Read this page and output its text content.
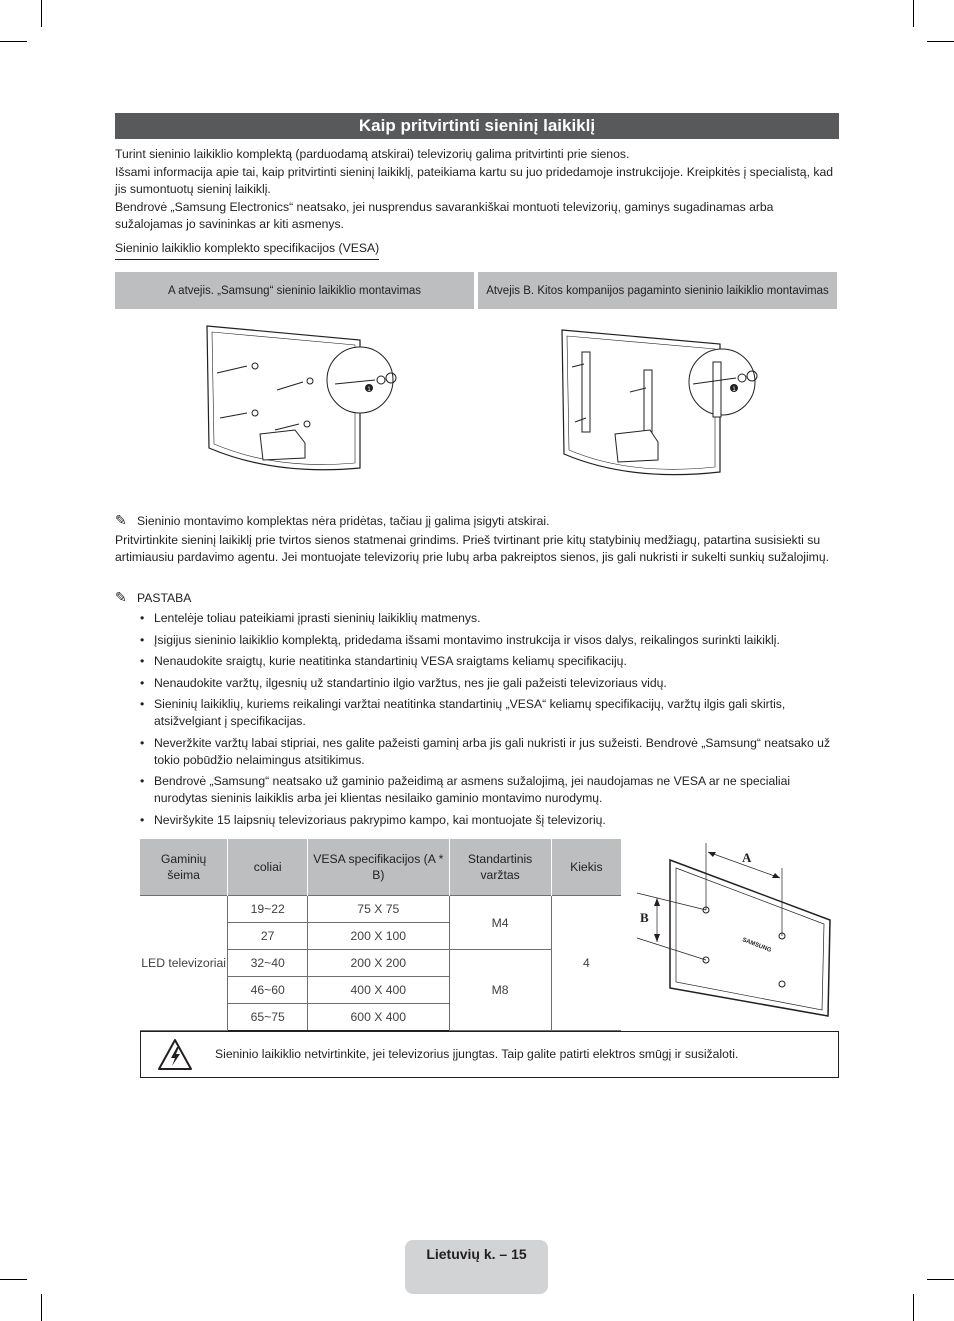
Kaip pritvirtinti sieninį laikiklį

Turint sieninio laikiklio komplektą (parduodamą atskirai) televizorių galima pritvirtinti prie sienos.

Išsami informacija apie tai, kaip pritvirtinti sieninį laikiklį, pateikiama kartu su juo pridedamoje instrukcijoje. Kreipkitės į specialistą, kad jis sumontuotų sieninį laikiklį.

Bendrovė „Samsung Electronics“ neatsako, jei nusprendus savarankiškai montuoti televizorių, gaminys sugadinamas arba sužalojamas jo savininkas ar kiti asmenys.

Sieninio laikiklio komplekto specifikacijos (VESA)
A atvejis. „Samsung“ sieninio laikiklio montavimas	Atvejis B. Kitos kompanijos pagaminto sieninio laikiklio montavimas
1	1
✎ Sieninio montavimo komplektas nėra pridėtas, tačiau jį galima įsigyti atskirai.
Pritvirtinkite sieninį laikiklį prie tvirtos sienos statmenai grindims. Prieš tvirtinant prie kitų statybinių medžiagų, patartina susisiekti su artimiausiu pardavimo agentu. Jei montuojate televizorių prie lubų arba pakreiptos sienos, jis gali nukristi ir sukelti sunkių sužalojimų.
✎ PASTABA
• Lentelėje toliau pateikiami įprasti sieninių laikiklių matmenys.
• Įsigijus sieninio laikiklio komplektą, pridedama išsami montavimo instrukcija ir visos dalys, reikalingos surinkti laikiklį.
• Nenaudokite sraigtų, kurie neatitinka standartinių VESA sraigtams keliamų specifikacijų.
• Nenaudokite varžtų, ilgesnių už standartinio ilgio varžtus, nes jie gali pažeisti televizoriaus vidų.
• Sieninių laikiklių, kuriems reikalingi varžtai neatitinka standartinių „VESA“ keliamų specifikacijų, varžtų ilgis gali skirtis, atsižvelgiant į specifikacijas.
• Neveržkite varžtų labai stipriai, nes galite pažeisti gaminį arba jis gali nukristi ir jus sužeisti. Bendrovė „Samsung“ neatsako už tokio pobūdžio nelaimingus atsitikimus.
• Bendrovė „Samsung“ neatsako už gaminio pažeidimą ar asmens sužalojimą, jei naudojamas ne VESA ar ne specialiai nurodytas sieninis laikiklis arba jei klientas nesilaiko gaminio montavimo nurodymų.
• Neviršykite 15 laipsnių televizoriaus pakrypimo kampo, kai montuojate šį televizorių.
Gaminių šeima	coliai	VESA specifikacijos (A * B)	Standartinis varžtas	Kiekis
LED televizoriai	19~22	75 X 75	M4	4
	27	200 X 100		
	32~40	200 X 200	M8	
	46~60	400 X 400		
	65~75	600 X 400		
A
B
SAMSUNG
Sieninio laikiklio netvirtinkite, jei televizorius įjungtas. Taip galite patirti elektros smūgį ir susižaloti.
Lietuvių k. – 15
